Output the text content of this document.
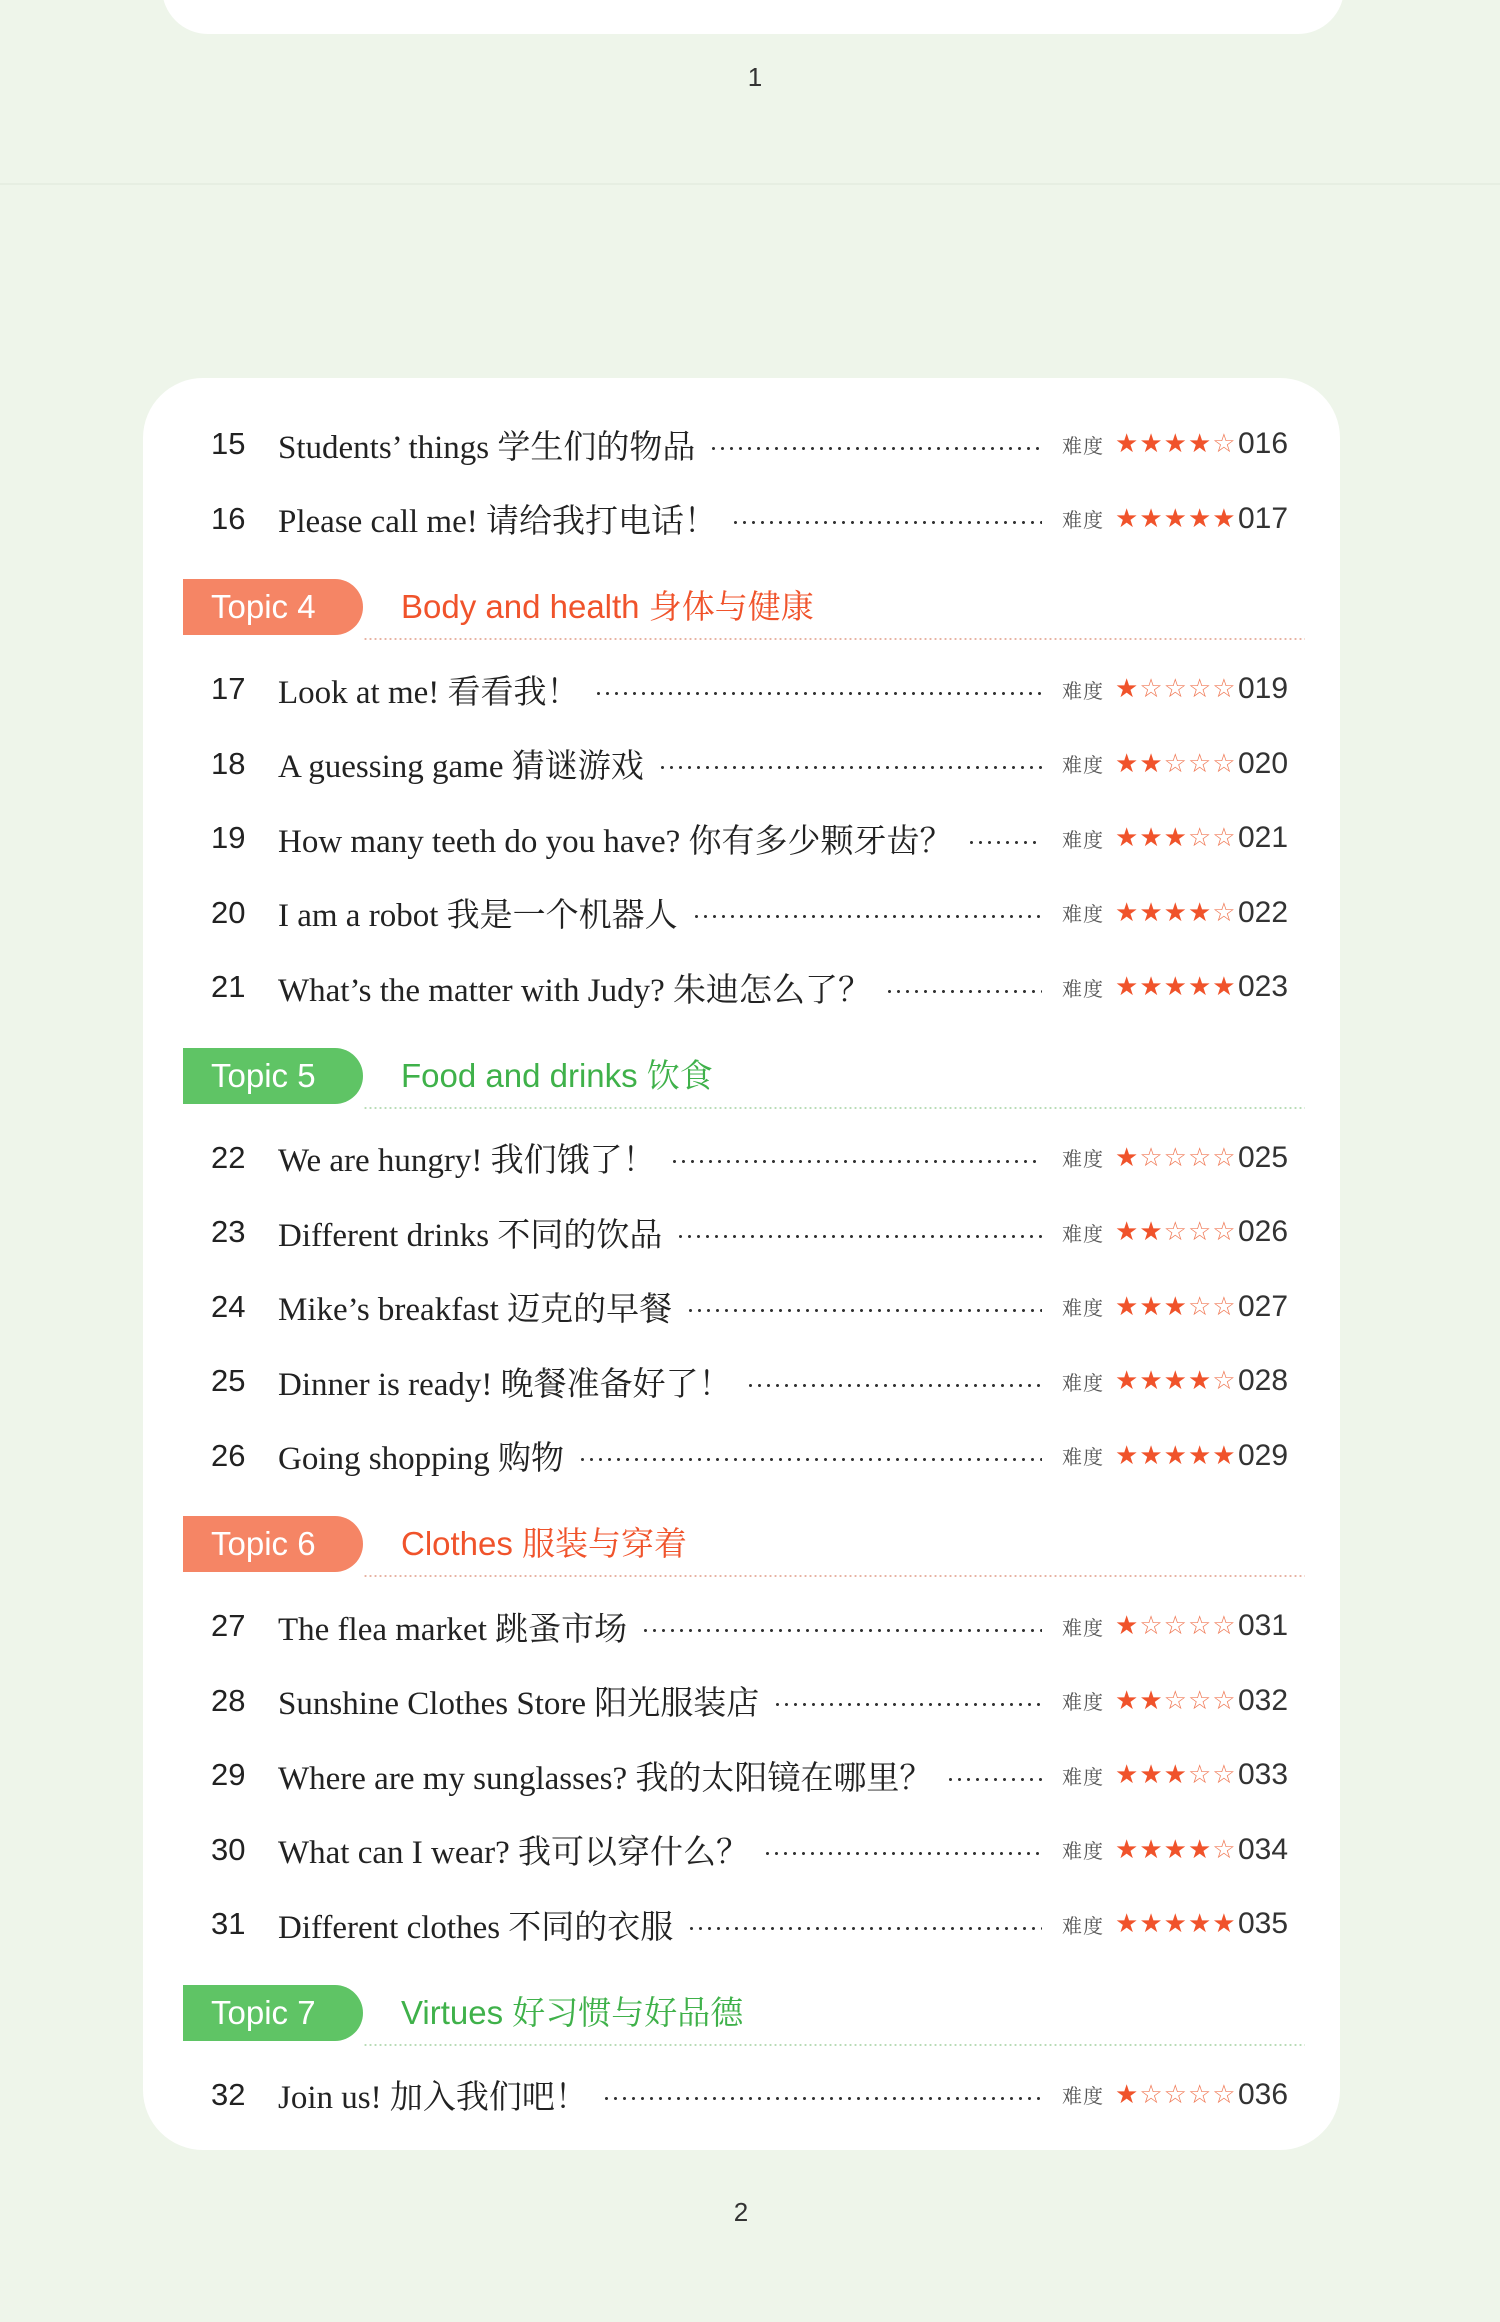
1
15 Students’ things 学生们的物品	难度 ★★★★☆ 016
16 Please call me! 请给我打电话！	难度 ★★★★★ 017
Topic 4	Body and health 身体与健康
17 Look at me! 看看我！	难度 ★☆☆☆☆ 019
18 A guessing game 猜谜游戏	难度 ★★☆☆☆ 020
19 How many teeth do you have? 你有多少颗牙齿？	难度 ★★★☆☆ 021
20 I am a robot 我是一个机器人	难度 ★★★★☆ 022
21 What’s the matter with Judy? 朱迪怎么了？	难度 ★★★★★ 023
Topic 5	Food and drinks 饮食
22 We are hungry! 我们饿了！	难度 ★☆☆☆☆ 025
23 Different drinks 不同的饮品	难度 ★★☆☆☆ 026
24 Mike’s breakfast 迈克的早餐	难度 ★★★☆☆ 027
25 Dinner is ready! 晚餐准备好了！	难度 ★★★★☆ 028
26 Going shopping 购物	难度 ★★★★★ 029
Topic 6	Clothes 服装与穿着
27 The flea market 跳蚤市场	难度 ★☆☆☆☆ 031
28 Sunshine Clothes Store 阳光服装店	难度 ★★☆☆☆ 032
29 Where are my sunglasses? 我的太阳镜在哪里？	难度 ★★★☆☆ 033
30 What can I wear? 我可以穿什么？	难度 ★★★★☆ 034
31 Different clothes 不同的衣服	难度 ★★★★★ 035
Topic 7	Virtues 好习惯与好品德
32 Join us! 加入我们吧！	难度 ★☆☆☆☆ 036
2
